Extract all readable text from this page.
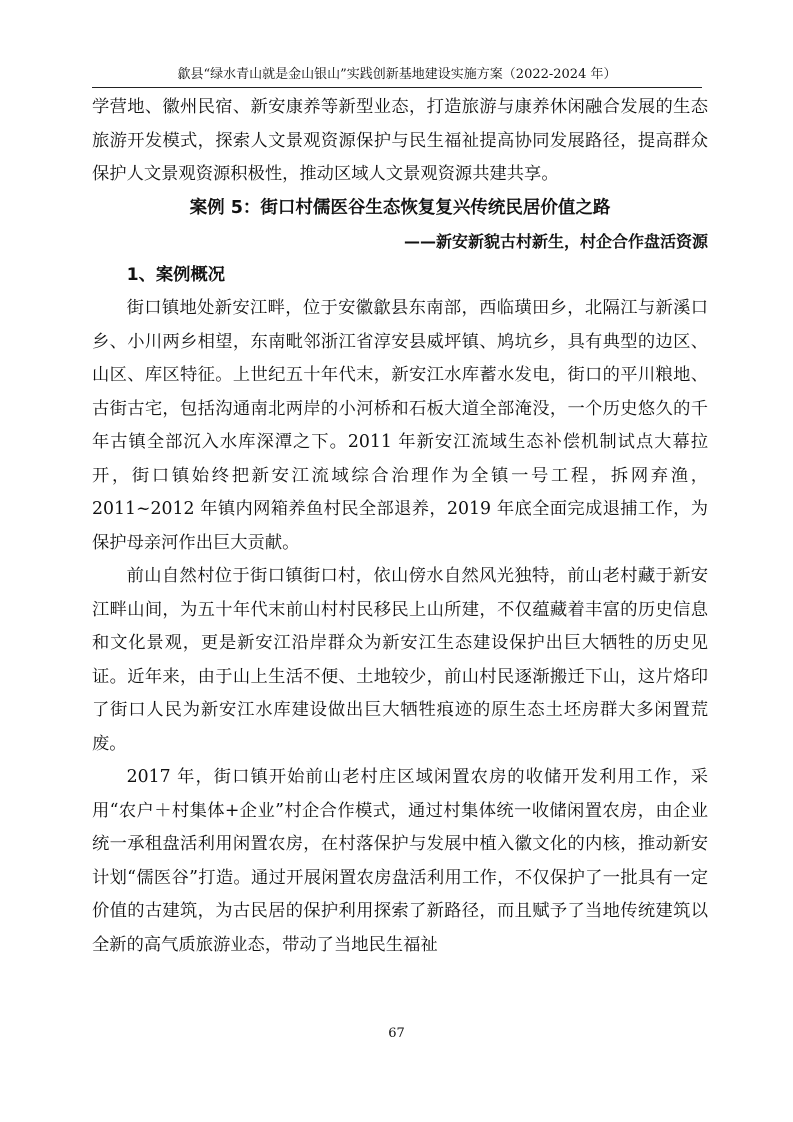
歙县“绿水青山就是金山银山”实践创新基地建设实施方案（2022-2024 年）

学营地、徽州民宿、新安康养等新型业态，打造旅游与康养休闲融合发展的生态旅游开发模式，探索人文景观资源保护与民生福祉提高协同发展路径，提高群众保护人文景观资源积极性，推动区域人文景观资源共建共享。

案例 5：街口村儒医谷生态恢复复兴传统民居价值之路

——新安新貌古村新生，村企合作盘活资源

1、案例概况

街口镇地处新安江畔，位于安徽歙县东南部，西临璜田乡，北隔江与新溪口乡、小川两乡相望，东南毗邻浙江省淳安县威坪镇、鸠坑乡，具有典型的边区、山区、库区特征。上世纪五十年代末，新安江水库蓄水发电，街口的平川粮地、古街古宅，包括沟通南北两岸的小河桥和石板大道全部淹没，一个历史悠久的千年古镇全部沉入水库深潭之下。2011 年新安江流域生态补偿机制试点大幕拉开，街口镇始终把新安江流域综合治理作为全镇一号工程，拆网弃渔，2011~2012 年镇内网箱养鱼村民全部退养，2019 年底全面完成退捕工作，为保护母亲河作出巨大贡献。

前山自然村位于街口镇街口村，依山傍水自然风光独特，前山老村藏于新安江畔山间，为五十年代末前山村村民移民上山所建，不仅蕴藏着丰富的历史信息和文化景观，更是新安江沿岸群众为新安江生态建设保护出巨大牺牲的历史见证。近年来，由于山上生活不便、土地较少，前山村民逐渐搬迁下山，这片烙印了街口人民为新安江水库建设做出巨大牺牲痕迹的原生态土坯房群大多闲置荒废。

2017 年，街口镇开始前山老村庄区域闲置农房的收储开发利用工作，采用“农户＋村集体+企业”村企合作模式，通过村集体统一收储闲置农房，由企业统一承租盘活利用闲置农房，在村落保护与发展中植入徽文化的内核，推动新安计划“儒医谷”打造。通过开展闲置农房盘活利用工作，不仅保护了一批具有一定价值的古建筑，为古民居的保护利用探索了新路径，而且赋予了当地传统建筑以全新的高气质旅游业态，带动了当地民生福祉

67
